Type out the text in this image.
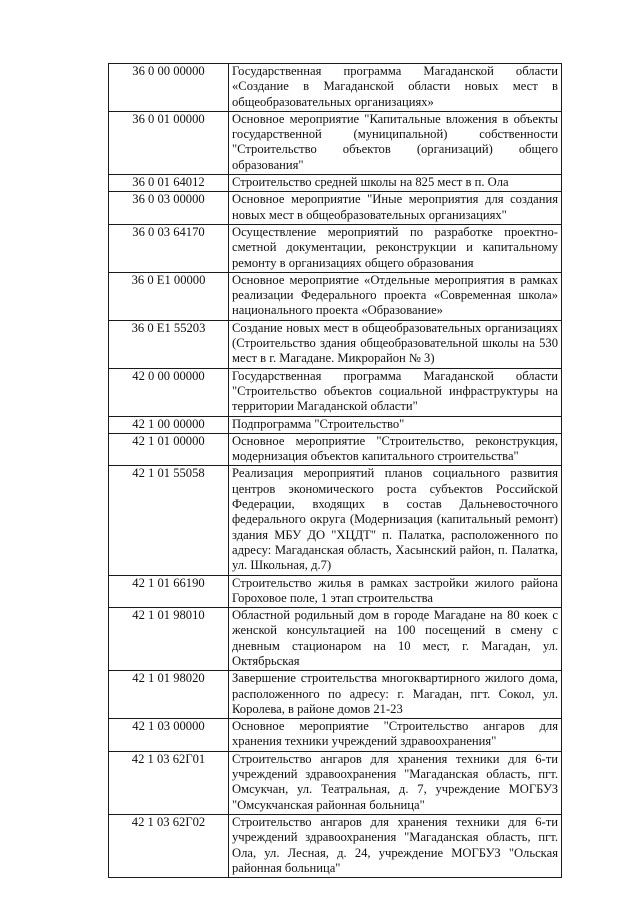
36 0 00 00000	Государственная программа Магаданской области «Создание в Магаданской области новых мест в общеобразовательных организациях»
36 0 01 00000	Основное мероприятие "Капитальные вложения в объекты государственной (муниципальной) собственности "Строительство объектов (организаций) общего образования"
36 0 01 64012	Строительство средней школы на 825 мест в п. Ола
36 0 03 00000	Основное мероприятие "Иные мероприятия для создания новых мест в общеобразовательных организациях"
36 0 03 64170	Осуществление мероприятий по разработке проектно-сметной документации, реконструкции и капитальному ремонту в организациях общего образования
36 0 E1 00000	Основное мероприятие «Отдельные мероприятия в рамках реализации Федерального проекта «Современная школа» национального проекта «Образование»
36 0 E1 55203	Создание новых мест в общеобразовательных организациях (Строительство здания общеобразовательной школы на 530 мест в г. Магадане. Микрорайон № 3)
42 0 00 00000	Государственная программа Магаданской области "Строительство объектов социальной инфраструктуры на территории Магаданской области"
42 1 00 00000	Подпрограмма "Строительство"
42 1 01 00000	Основное мероприятие "Строительство, реконструкция, модернизация объектов капитального строительства"
42 1 01 55058	Реализация мероприятий планов социального развития центров экономического роста субъектов Российской Федерации, входящих в состав Дальневосточного федерального округа (Модернизация (капитальный ремонт) здания МБУ ДО "ХЦДТ" п. Палатка, расположенного по адресу: Магаданская область, Хасынский район, п. Палатка, ул. Школьная, д.7)
42 1 01 66190	Строительство жилья в рамках застройки жилого района Гороховое поле, 1 этап строительства
42 1 01 98010	Областной родильный дом в городе Магадане на 80 коек с женской консультацией на 100 посещений в смену с дневным стационаром на 10 мест, г. Магадан, ул. Октябрьская
42 1 01 98020	Завершение строительства многоквартирного жилого дома, расположенного по адресу: г. Магадан, пгт. Сокол, ул. Королева, в районе домов 21-23
42 1 03 00000	Основное мероприятие "Строительство ангаров для хранения техники учреждений здравоохранения"
42 1 03 62Г01	Строительство ангаров для хранения техники для 6-ти учреждений здравоохранения "Магаданская область, пгт. Омсукчан, ул. Театральная, д. 7, учреждение МОГБУЗ "Омсукчанская районная больница"
42 1 03 62Г02	Строительство ангаров для хранения техники для 6-ти учреждений здравоохранения "Магаданская область, пгт. Ола, ул. Лесная, д. 24, учреждение МОГБУЗ "Ольская районная больница"
